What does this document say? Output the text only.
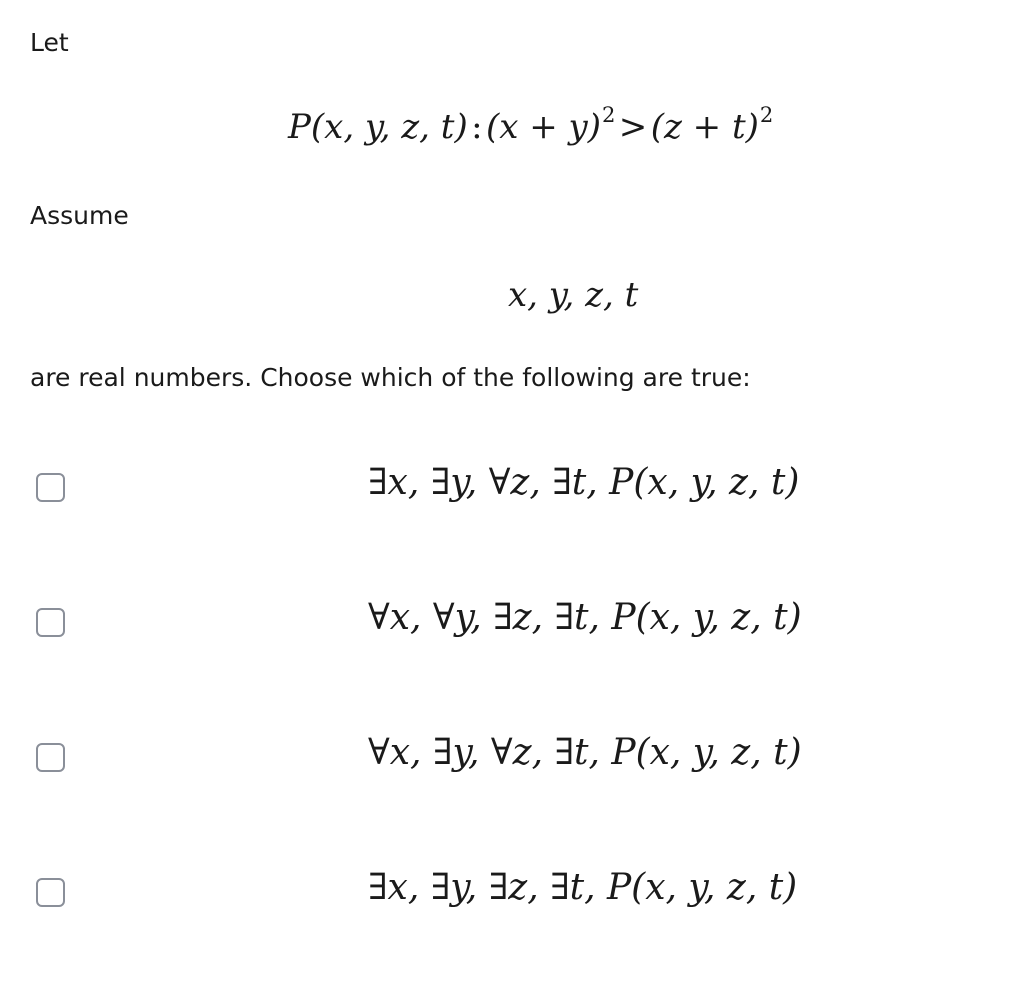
Let
P(x, y, z, t) : $(x + y)^2$ > $(z + t)^2$
Assume
x, y, z, t
are real numbers. Choose which of the following are true:
∃x, ∃y, ∀z, ∃t, P(x, y, z, t)
∀x, ∀y, ∃z, ∃t, P(x, y, z, t)
∀x, ∃y, ∀z, ∃t, P(x, y, z, t)
∃x, ∃y, ∃z, ∃t, P(x, y, z, t)
